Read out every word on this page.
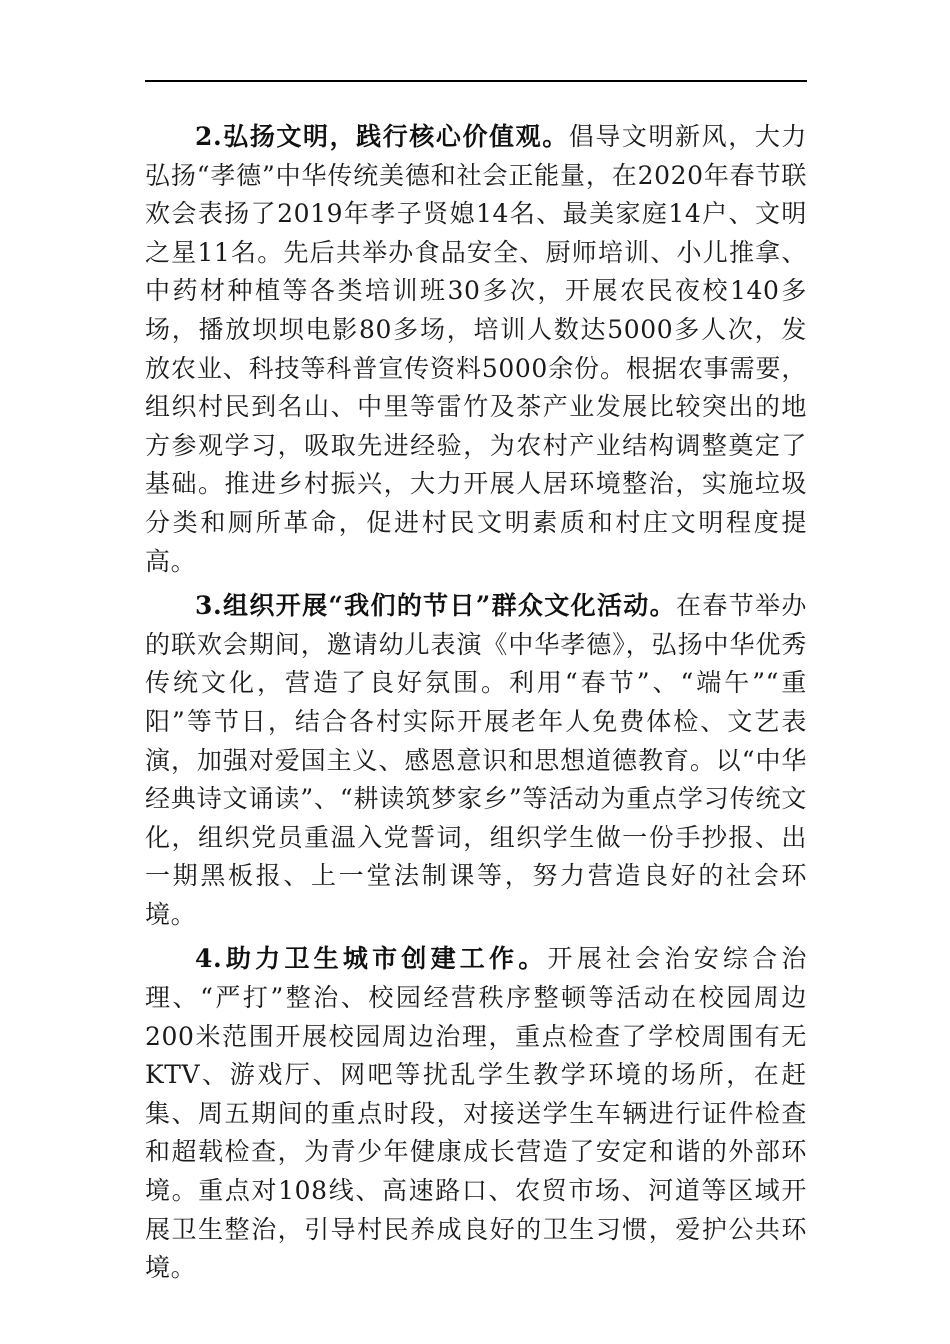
2.弘扬文明，践行核心价值观。倡导文明新风，大力弘扬“孝德”中华传统美德和社会正能量，在2020年春节联欢会表扬了2019年孝子贤媳14名、最美家庭14户、文明之星11名。先后共举办食品安全、厨师培训、小儿推拿、中药材种植等各类培训班30多次，开展农民夜校140多场，播放坝坝电影80多场，培训人数达5000多人次，发放农业、科技等科普宣传资料5000余份。根据农事需要，组织村民到名山、中里等雷竹及茶产业发展比较突出的地方参观学习，吸取先进经验，为农村产业结构调整奠定了基础。推进乡村振兴，大力开展人居环境整治，实施垃圾分类和厕所革命，促进村民文明素质和村庄文明程度提高。

3.组织开展“我们的节日”群众文化活动。在春节举办的联欢会期间，邀请幼儿表演《中华孝德》，弘扬中华优秀传统文化，营造了良好氛围。利用“春节”、“端午”“重阳”等节日，结合各村实际开展老年人免费体检、文艺表演，加强对爱国主义、感恩意识和思想道德教育。以“中华经典诗文诵读”、“耕读筑梦家乡”等活动为重点学习传统文化，组织党员重温入党誓词，组织学生做一份手抄报、出一期黑板报、上一堂法制课等，努力营造良好的社会环境。

4.助力卫生城市创建工作。开展社会治安综合治理、“严打”整治、校园经营秩序整顿等活动在校园周边200米范围开展校园周边治理，重点检查了学校周围有无KTV、游戏厅、网吧等扰乱学生教学环境的场所，在赶集、周五期间的重点时段，对接送学生车辆进行证件检查和超载检查，为青少年健康成长营造了安定和谐的外部环境。重点对108线、高速路口、农贸市场、河道等区域开展卫生整治，引导村民养成良好的卫生习惯，爱护公共环境。
